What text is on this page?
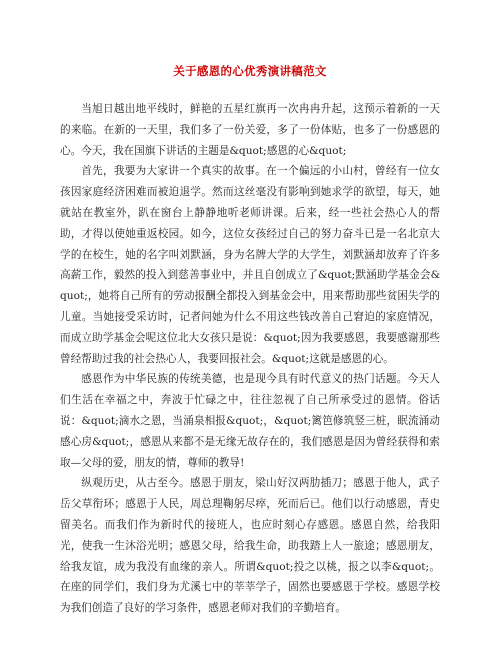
关于感恩的心优秀演讲稿范文

当旭日越出地平线时，鲜艳的五星红旗再一次冉冉升起，这预示着新的一天的来临。在新的一天里，我们多了一份关爱，多了一份体贴，也多了一份感恩的心。今天，我在国旗下讲话的主题是&quot;感恩的心&quot;

首先，我要为大家讲一个真实的故事。在一个偏远的小山村，曾经有一位女孩因家庭经济困难而被迫退学。然而这丝毫没有影响到她求学的欲望，每天，她就站在教室外，趴在窗台上静静地听老师讲课。后来，经一些社会热心人的帮助，才得以使她重返校园。如今，这位女孩经过自己的努力奋斗已是一名北京大学的在校生，她的名字叫刘默涵，身为名牌大学的大学生，刘默涵却放弃了许多高薪工作，毅然的投入到慈善事业中，并且自创成立了&quot;默涵助学基金会&quot;，她将自己所有的劳动报酬全都投入到基金会中，用来帮助那些贫困失学的儿童。当她接受采访时，记者问她为什么不用这些钱改善自己窘迫的家庭情况，而成立助学基金会呢这位北大女孩只是说：&quot;因为我要感恩，我要感谢那些曾经帮助过我的社会热心人，我要回报社会。&quot;这就是感恩的心。

感恩作为中华民族的传统美德，也是现今具有时代意义的热门话题。今天人们生活在幸福之中，奔波于忙碌之中，往往忽视了自己所承受过的恩情。俗话说：&quot;滴水之恩，当涌泉相报&quot;，&quot;篱笆修筑竖三桩，眠流涌动感心房&quot;，感恩从来都不是无缘无故存在的，我们感恩是因为曾经获得和索取—父母的爱，朋友的情，尊师的教导!

纵观历史，从古至今。感恩于朋友，梁山好汉两肋插刀；感恩于他人，武子岳父草衔环；感恩于人民，周总理鞠躬尽瘁，死而后已。他们以行动感恩，青史留美名。而我们作为新时代的接班人，也应时刻心存感恩。感恩自然，给我阳光，使我一生沐浴光明；感恩父母，给我生命，助我踏上人一旅途；感恩朋友，给我友谊，成为我没有血缘的亲人。所谓&quot;投之以桃，报之以李&quot;。在座的同学们，我们身为尤溪七中的莘莘学子，固然也要感恩于学校。感恩学校为我们创造了良好的学习条件，感恩老师对我们的辛勤培育。
